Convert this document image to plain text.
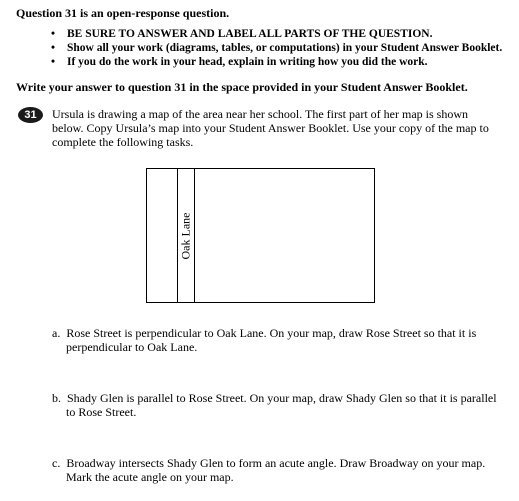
Question 31 is an open-response question.
• BE SURE TO ANSWER AND LABEL ALL PARTS OF THE QUESTION.
• Show all your work (diagrams, tables, or computations) in your Student Answer Booklet.
• If you do the work in your head, explain in writing how you did the work.
Write your answer to question 31 in the space provided in your Student Answer Booklet.
31	Ursula is drawing a map of the area near her school. The first part of her map is shown
below. Copy Ursula’s map into your Student Answer Booklet. Use your copy of the map to
complete the following tasks.
Oak Lane
a. Rose Street is perpendicular to Oak Lane. On your map, draw Rose Street so that it is
perpendicular to Oak Lane.
b. Shady Glen is parallel to Rose Street. On your map, draw Shady Glen so that it is parallel
to Rose Street.
c. Broadway intersects Shady Glen to form an acute angle. Draw Broadway on your map.
Mark the acute angle on your map.
